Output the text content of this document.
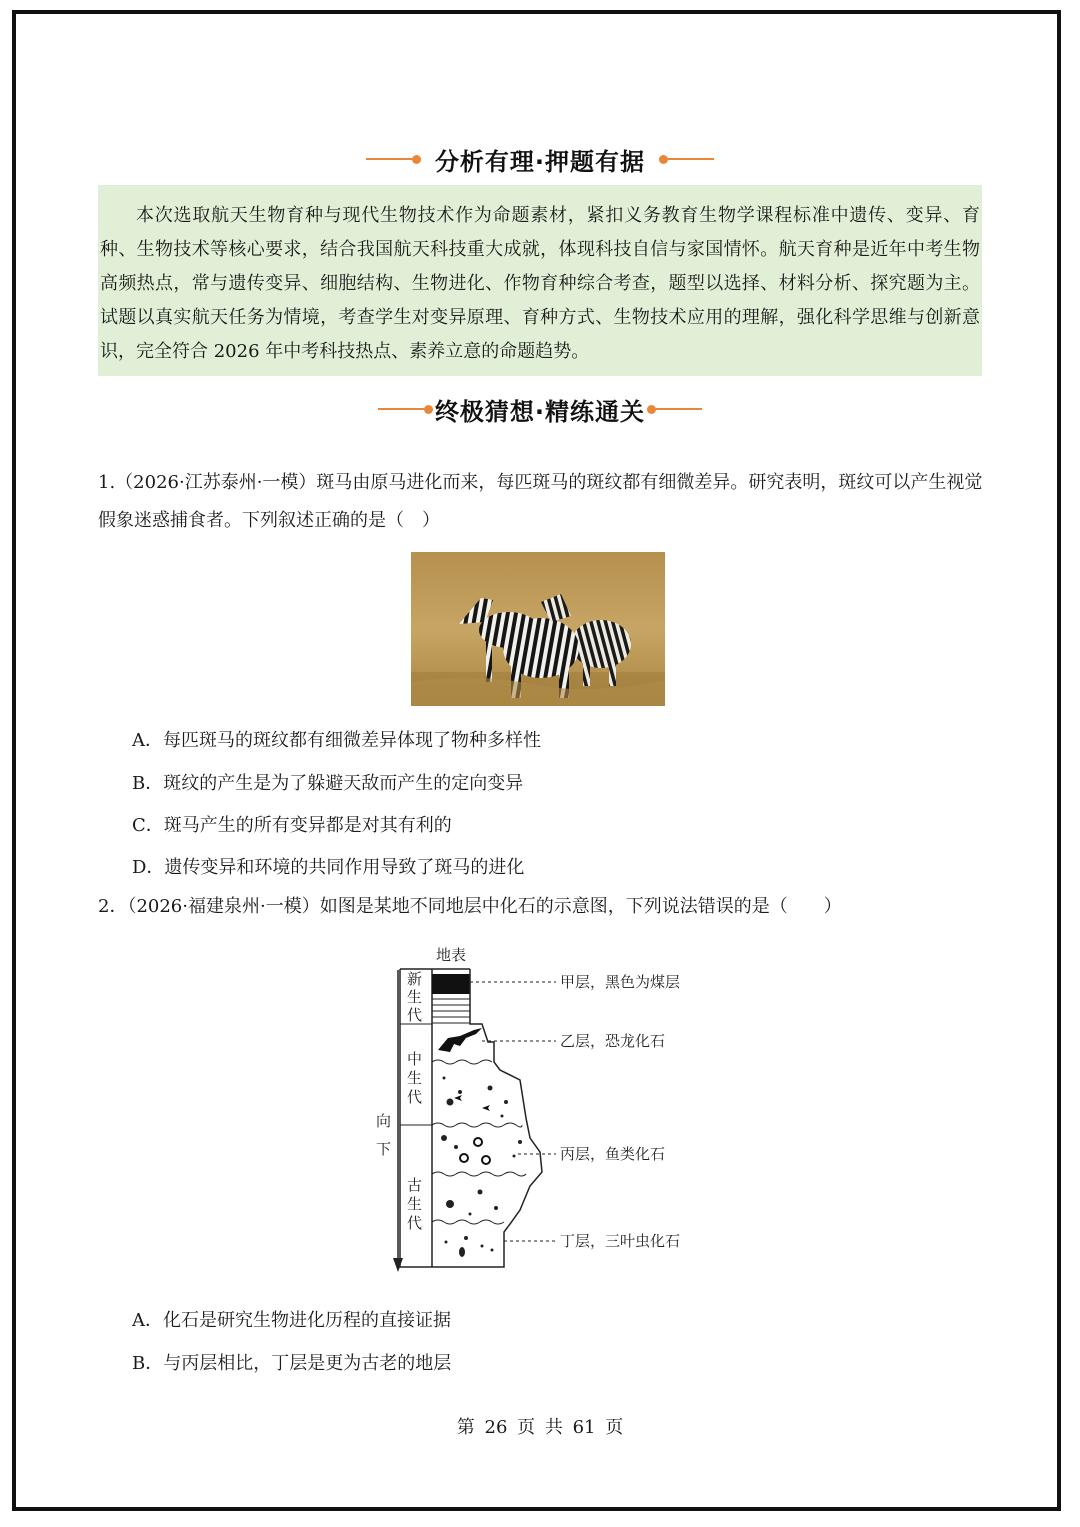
分析有理·押题有据
本次选取航天生物育种与现代生物技术作为命题素材，紧扣义务教育生物学课程标准中遗传、变异、育种、生物技术等核心要求，结合我国航天科技重大成就，体现科技自信与家国情怀。航天育种是近年中考生物高频热点，常与遗传变异、细胞结构、生物进化、作物育种综合考查，题型以选择、材料分析、探究题为主。试题以真实航天任务为情境，考查学生对变异原理、育种方式、生物技术应用的理解，强化科学思维与创新意识，完全符合 2026 年中考科技热点、素养立意的命题趋势。
终极猜想·精练通关
1.（2026·江苏泰州·一模）斑马由原马进化而来，每匹斑马的斑纹都有细微差异。研究表明，斑纹可以产生视觉假象迷惑捕食者。下列叙述正确的是（　）
A．每匹斑马的斑纹都有细微差异体现了物种多样性
B．斑纹的产生是为了躲避天敌而产生的定向变异
C．斑马产生的所有变异都是对其有利的
D．遗传变异和环境的共同作用导致了斑马的进化
2．（2026·福建泉州·一模）如图是某地不同地层中化石的示意图，下列说法错误的是（　　）
地表
新
生
代
中
生
代
古
生
代
向
下
甲层，黑色为煤层
乙层，恐龙化石
丙层，鱼类化石
丁层，三叶虫化石
A．化石是研究生物进化历程的直接证据
B．与丙层相比，丁层是更为古老的地层
第 26 页 共 61 页
